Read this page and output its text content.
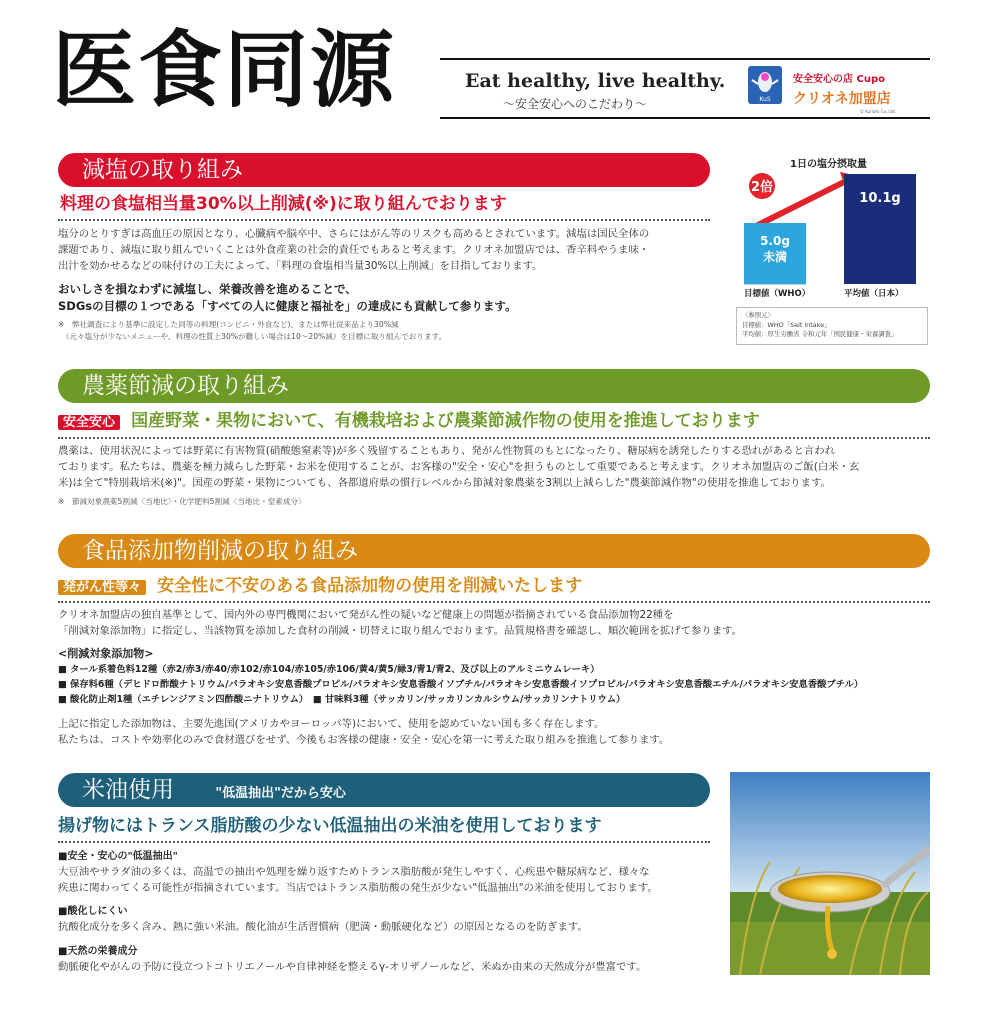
医食同源	Eat healthy, live healthy.
～安全安心へのこだわり～	KuS
安全安心の店 Cupo
クリオネ加盟店
© Kuriofu Co.,Ltd.
減塩の取り組み
料理の食塩相当量30%以上削減(※)に取り組んでおります
塩分のとりすぎは高血圧の原因となり、心臓病や脳卒中、さらにはがん等のリスクも高めるとされています。減塩は国民全体の
課題であり、減塩に取り組んでいくことは外食産業の社会的責任でもあると考えます。クリオネ加盟店では、香辛料やうま味・
出汁を効かせるなどの味付けの工夫によって、「料理の食塩相当量30%以上削減」を目指しております。
おいしさを損なわずに減塩し、栄養改善を進めることで、
SDGsの目標の１つである「すべての人に健康と福祉を」の達成にも貢献して参ります。
※　弊社調査により基準に設定した同等の料理(コンビニ・外食など)、または弊社従来品より30%減
　（元々塩分が少ないメニューや、料理の性質上30%が難しい場合は10～20%減）を目標に取り組んでおります。
1日の塩分摂取量
2倍
5.0g
未満
10.1g
目標値（WHO）	平均値（日本）
〈参照元〉
目標値：WHO「Salt intake」
平均値：厚生労働省 令和元年「国民健康・栄養調査」
農薬節減の取り組み
安全安心 国産野菜・果物において、有機栽培および農薬節減作物の使用を推進しております
農薬は、使用状況によっては野菜に有害物質(硝酸態窒素等)が多く残留することもあり、発がん性物質のもとになったり、糖尿病を誘発したりする恐れがあると言われ
ております。私たちは、農薬を極力減らした野菜・お米を使用することが、お客様の"安全・安心"を担うものとして重要であると考えます。クリオネ加盟店のご飯(白米・玄
米)は全て"特別栽培米(※)"。国産の野菜・果物についても、各都道府県の慣行レベルから節減対象農薬を3割以上減らした"農薬節減作物"の使用を推進しております。
※　節減対象農薬5割減〈当地比〉・化学肥料5割減〈当地比・窒素成分〉
食品添加物削減の取り組み
発がん性等々 安全性に不安のある食品添加物の使用を削減いたします
クリオネ加盟店の独自基準として、国内外の専門機関において発がん性の疑いなど健康上の問題が指摘されている食品添加物22種を
「削減対象添加物」に指定し、当該物質を添加した食材の削減・切替えに取り組んでおります。品質規格書を確認し、順次範囲を拡げて参ります。
<削減対象添加物>
■ タール系着色料12種（赤2/赤3/赤40/赤102/赤104/赤105/赤106/黄4/黄5/緑3/青1/青2、及び以上のアルミニウムレーキ）
■ 保存料6種（デヒドロ酢酸ナトリウム/パラオキシ安息香酸プロピル/パラオキシ安息香酸イソブチル/パラオキシ安息香酸イソプロピル/パラオキシ安息香酸エチル/パラオキシ安息香酸ブチル）
■ 酸化防止剤1種（エチレンジアミン四酢酸ニナトリウム）　■ 甘味料3種（サッカリン/サッカリンカルシウム/サッカリンナトリウム）
上記に指定した添加物は、主要先進国(アメリカやヨーロッパ等)において、使用を認めていない国も多く存在します。
私たちは、コストや効率化のみで食材選びをせず、今後もお客様の健康・安全・安心を第一に考えた取り組みを推進して参ります。
米油使用	"低温抽出"だから安心
揚げ物にはトランス脂肪酸の少ない低温抽出の米油を使用しております
■安全・安心の"低温抽出"
大豆油やサラダ油の多くは、高温での抽出や処理を繰り返すためトランス脂肪酸が発生しやすく、心疾患や糖尿病など、様々な
疾患に関わってくる可能性が指摘されています。当店ではトランス脂肪酸の発生が少ない"低温抽出"の米油を使用しております。
■酸化しにくい
抗酸化成分を多く含み、熱に強い米油。酸化油が生活習慣病（肥満・動脈硬化など）の原因となるのを防ぎます。
■天然の栄養成分
動脈硬化やがんの予防に役立つトコトリエノールや自律神経を整えるγ-オリザノールなど、米ぬか由来の天然成分が豊富です。
